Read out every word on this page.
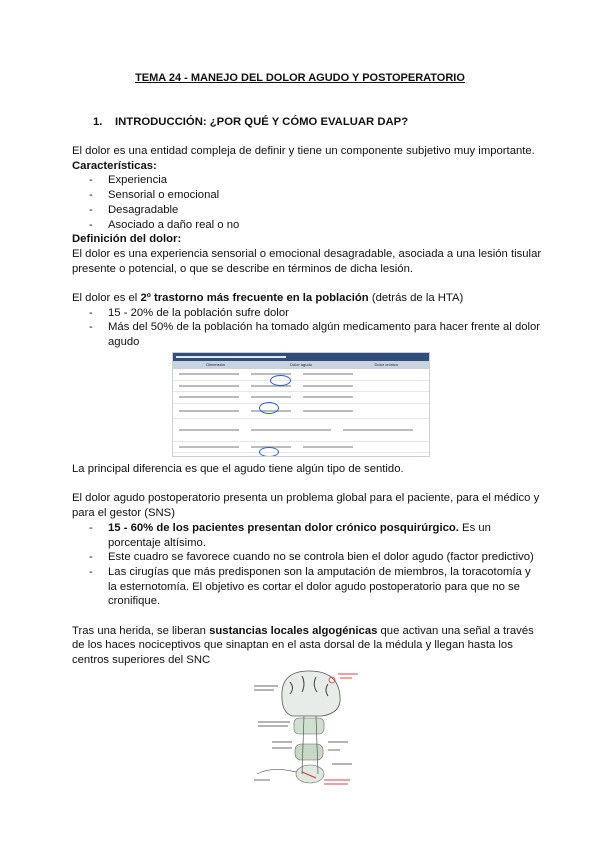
TEMA 24 - MANEJO DEL DOLOR AGUDO Y POSTOPERATORIO
1. INTRODUCCIÓN: ¿POR QUÉ Y CÓMO EVALUAR DAP?
El dolor es una entidad compleja de definir y tiene un componente subjetivo muy importante.
Características:
- Experiencia
- Sensorial o emocional
- Desagradable
- Asociado a daño real o no
Definición del dolor:
El dolor es una experiencia sensorial o emocional desagradable, asociada a una lesión tisular presente o potencial, o que se describe en términos de dicha lesión.
El dolor es el 2º trastorno más frecuente en la población (detrás de la HTA)
- 15 - 20% de la población sufre dolor
- Más del 50% de la población ha tomado algún medicamento para hacer frente al dolor agudo
Dimensión	Dolor agudo	Dolor crónico
La principal diferencia es que el agudo tiene algún tipo de sentido.
El dolor agudo postoperatorio presenta un problema global para el paciente, para el médico y para el gestor (SNS)
- 15 - 60% de los pacientes presentan dolor crónico posquirúrgico. Es un porcentaje altísimo.
- Este cuadro se favorece cuando no se controla bien el dolor agudo (factor predictivo)
- Las cirugías que más predisponen son la amputación de miembros, la toracotomía y la esternotomía. El objetivo es cortar el dolor agudo postoperatorio para que no se cronifique.
Tras una herida, se liberan sustancias locales algogénicas que activan una señal a través de los haces nociceptivos que sinaptan en el asta dorsal de la médula y llegan hasta los centros superiores del SNC
